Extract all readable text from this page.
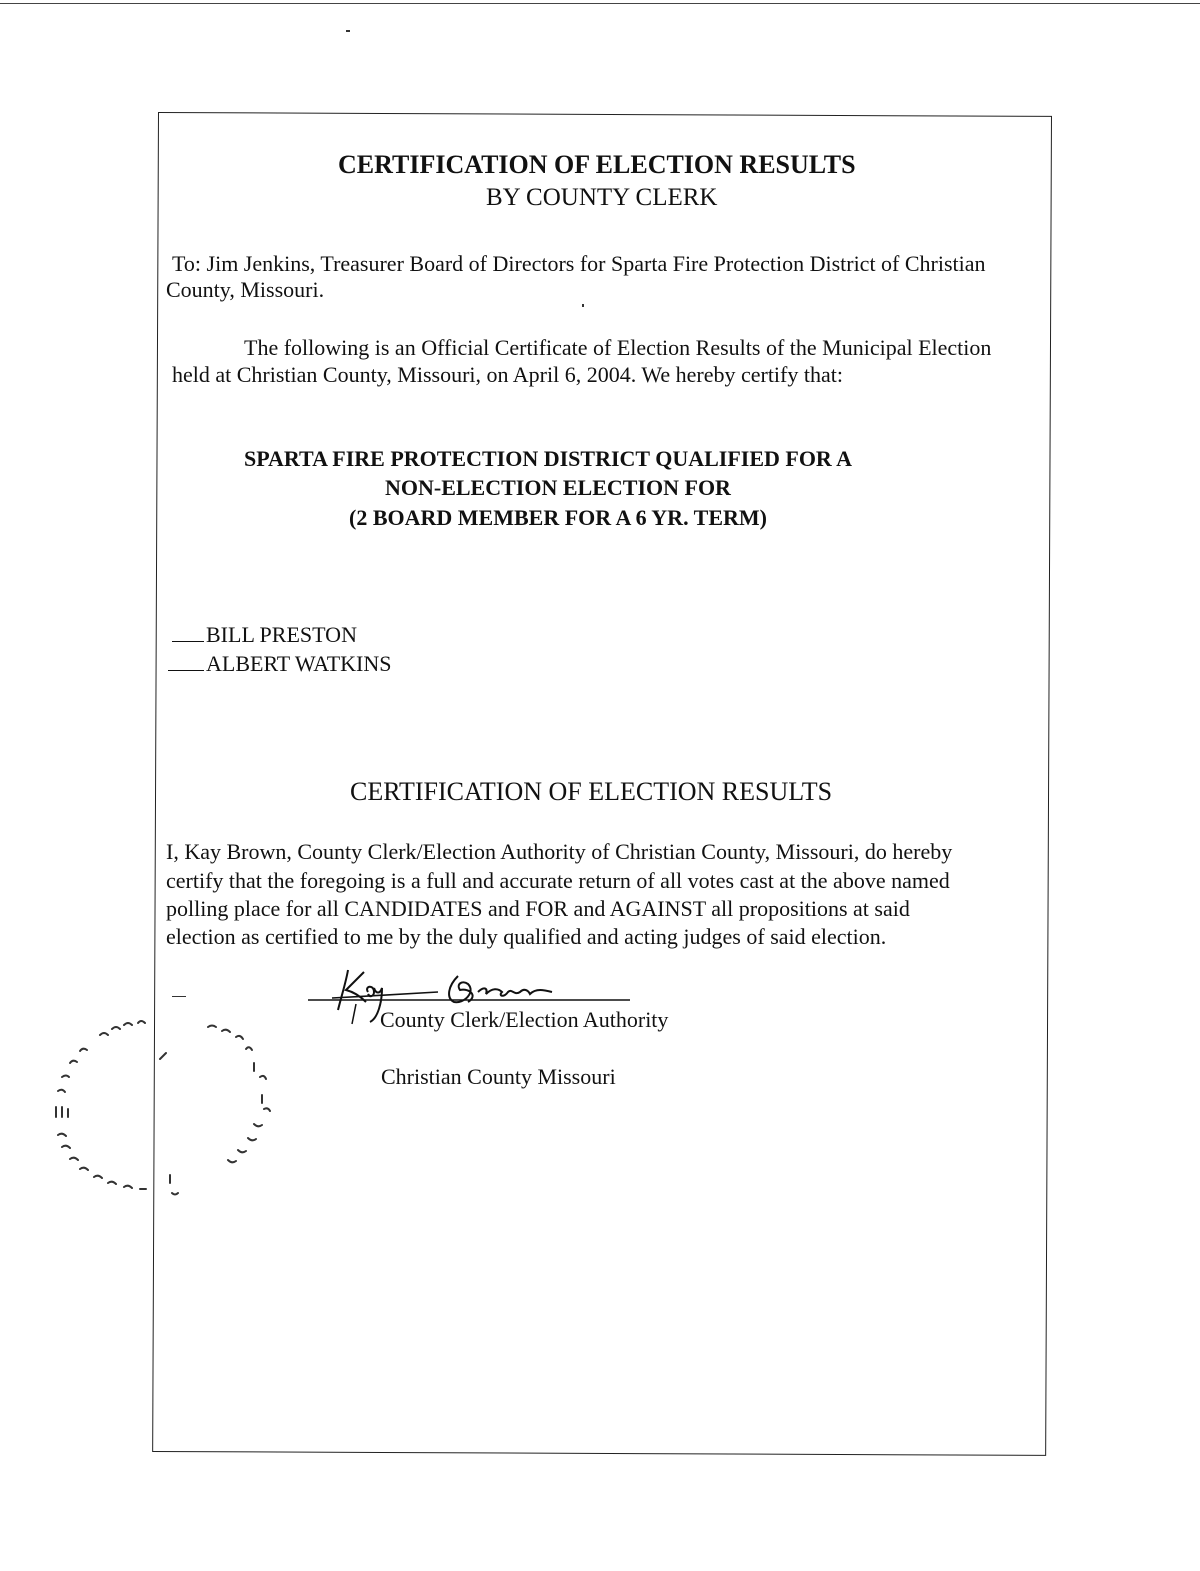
CERTIFICATION OF ELECTION RESULTS
BY COUNTY CLERK
To: Jim Jenkins, Treasurer Board of Directors for Sparta Fire Protection District of Christian
County, Missouri.
The following is an Official Certificate of Election Results of the Municipal Election
held at Christian County, Missouri, on April 6, 2004. We hereby certify that:
SPARTA FIRE PROTECTION DISTRICT QUALIFIED FOR A
NON-ELECTION ELECTION FOR
(2 BOARD MEMBER FOR A 6 YR. TERM)
BILL PRESTON
ALBERT WATKINS
CERTIFICATION OF ELECTION RESULTS
I, Kay Brown, County Clerk/Election Authority of Christian County, Missouri, do hereby
certify that the foregoing is a full and accurate return of all votes cast at the above named
polling place for all CANDIDATES and FOR and AGAINST all propositions at said
election as certified to me by the duly qualified and acting judges of said election.
County Clerk/Election Authority
Christian County Missouri
